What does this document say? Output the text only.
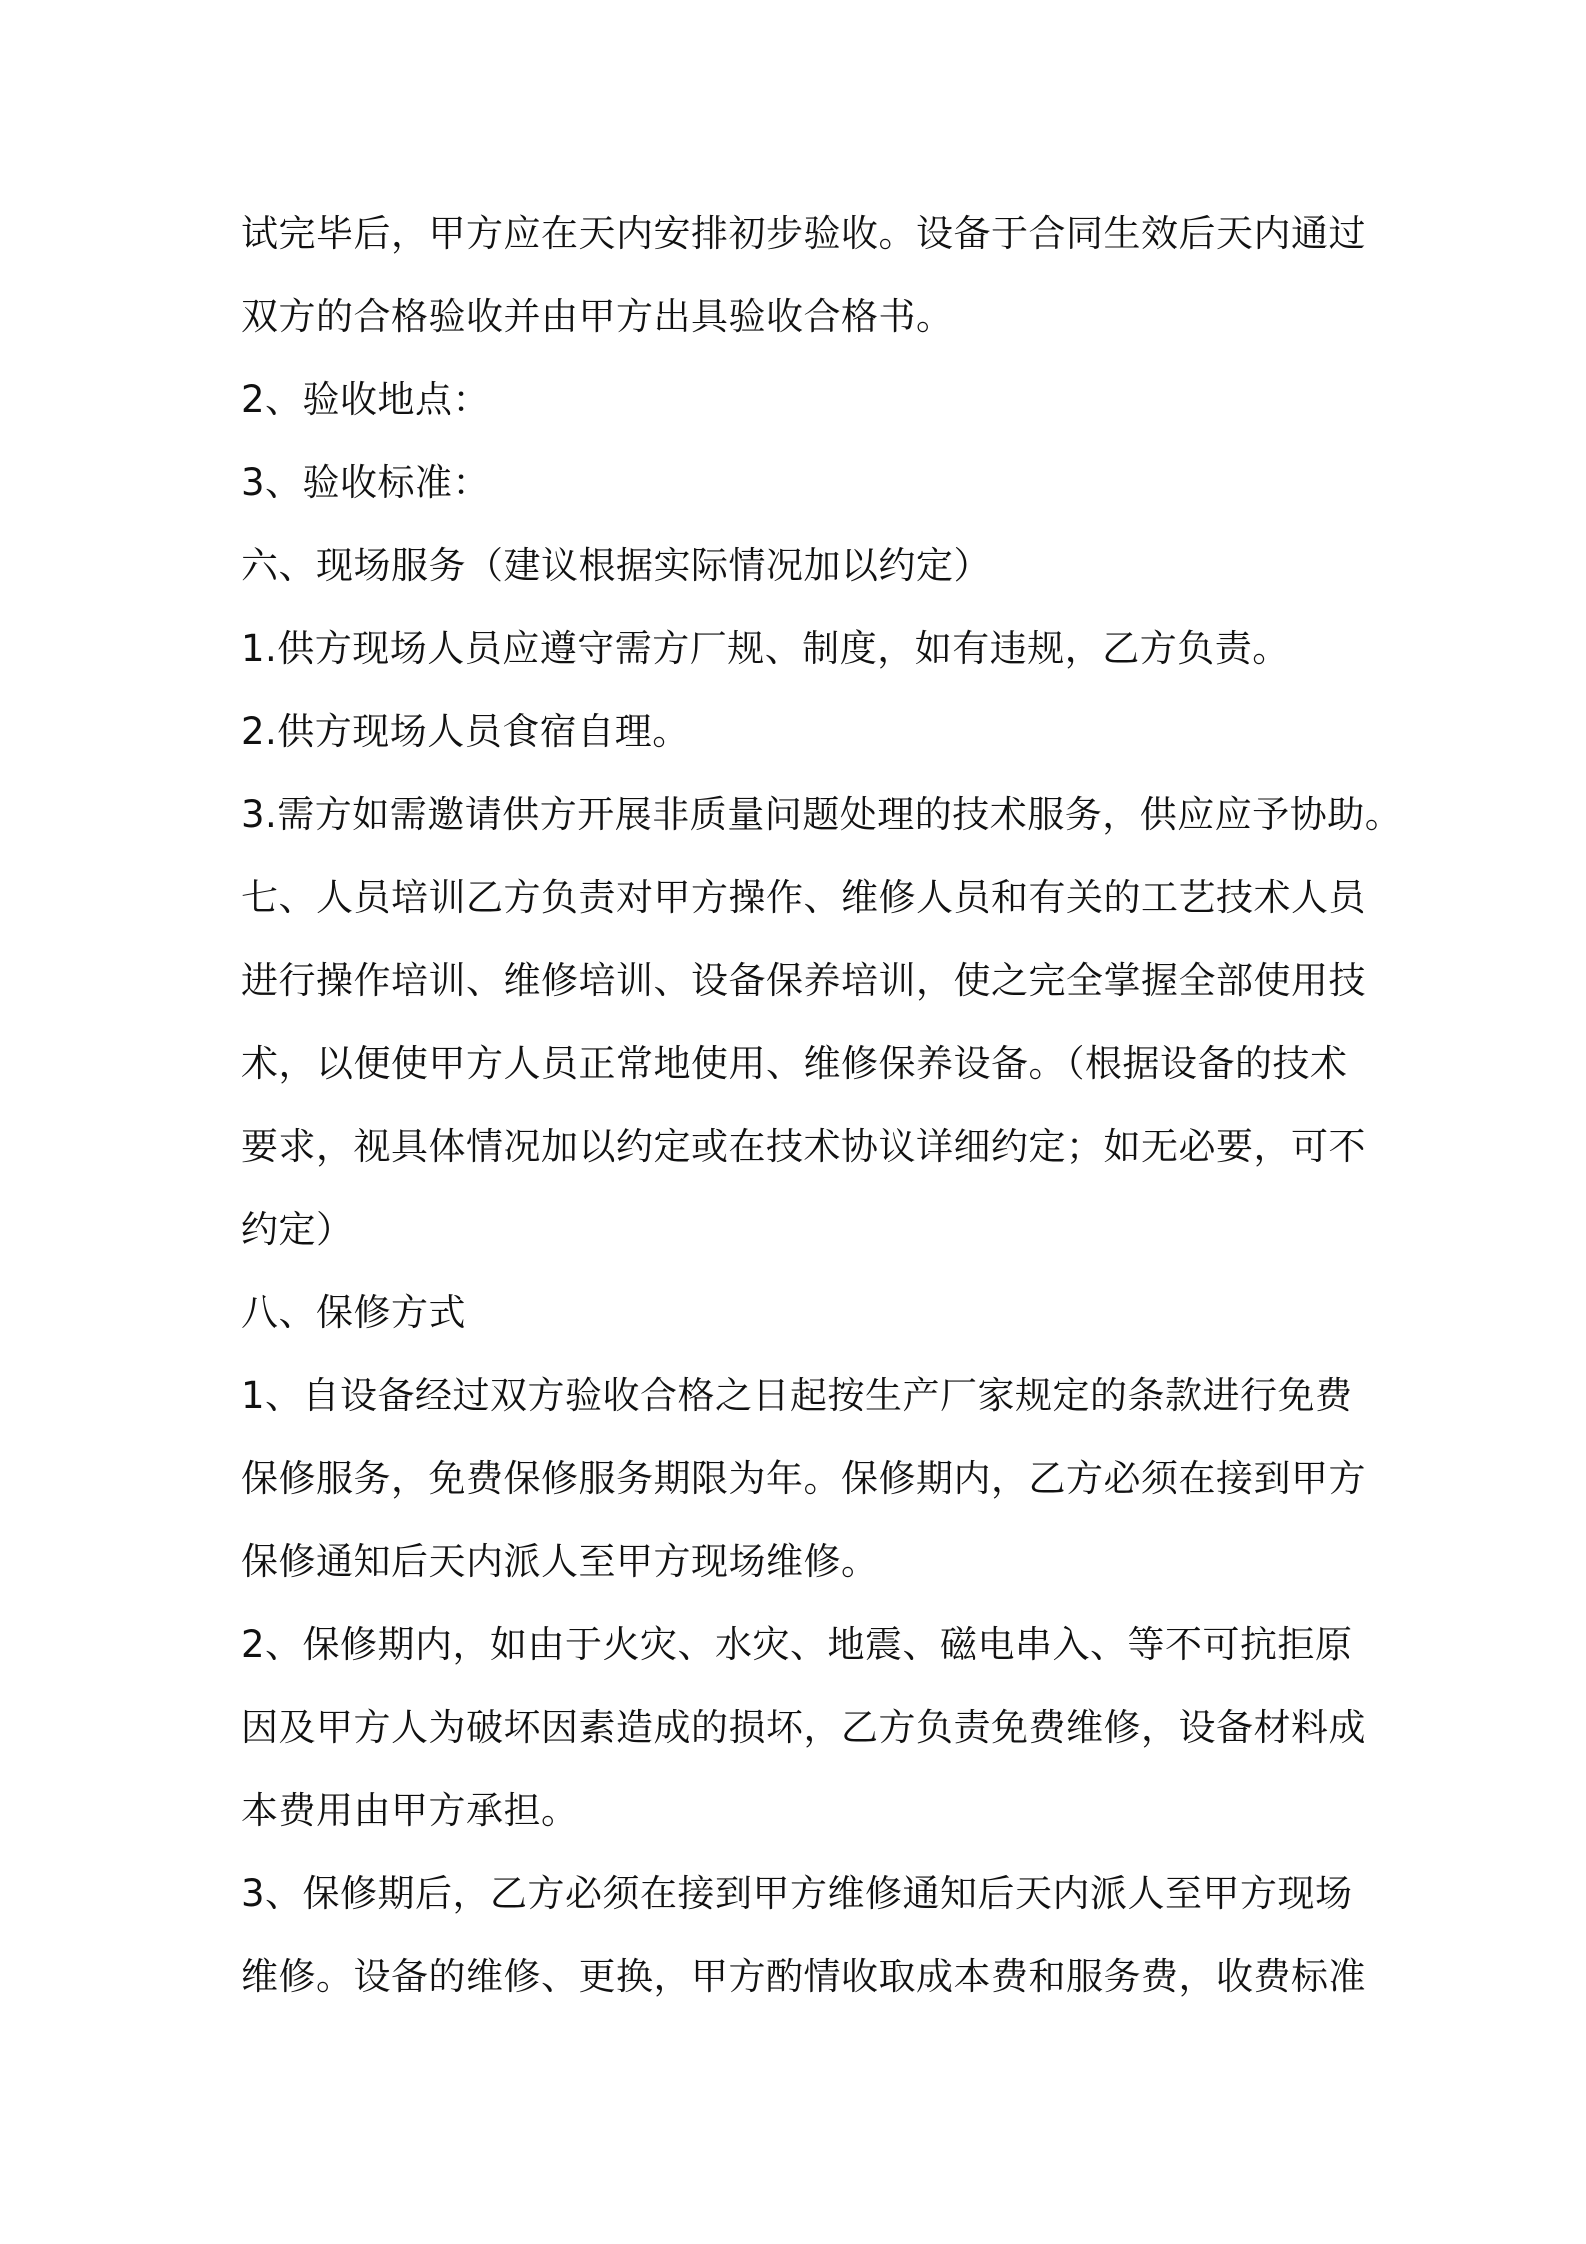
试完毕后，甲方应在天内安排初步验收。设备于合同生效后天内通过
双方的合格验收并由甲方出具验收合格书。
2、验收地点：
3、验收标准：
六、现场服务（建议根据实际情况加以约定）
1.供方现场人员应遵守需方厂规、制度，如有违规，乙方负责。
2.供方现场人员食宿自理。
3.需方如需邀请供方开展非质量问题处理的技术服务，供应应予协助。
七、人员培训乙方负责对甲方操作、维修人员和有关的工艺技术人员
进行操作培训、维修培训、设备保养培训，使之完全掌握全部使用技
术，以便使甲方人员正常地使用、维修保养设备。（根据设备的技术
要求，视具体情况加以约定或在技术协议详细约定；如无必要，可不
约定）
八、保修方式
1、自设备经过双方验收合格之日起按生产厂家规定的条款进行免费
保修服务，免费保修服务期限为年。保修期内，乙方必须在接到甲方
保修通知后天内派人至甲方现场维修。
2、保修期内，如由于火灾、水灾、地震、磁电串入、等不可抗拒原
因及甲方人为破坏因素造成的损坏，乙方负责免费维修，设备材料成
本费用由甲方承担。
3、保修期后，乙方必须在接到甲方维修通知后天内派人至甲方现场
维修。设备的维修、更换，甲方酌情收取成本费和服务费，收费标准
